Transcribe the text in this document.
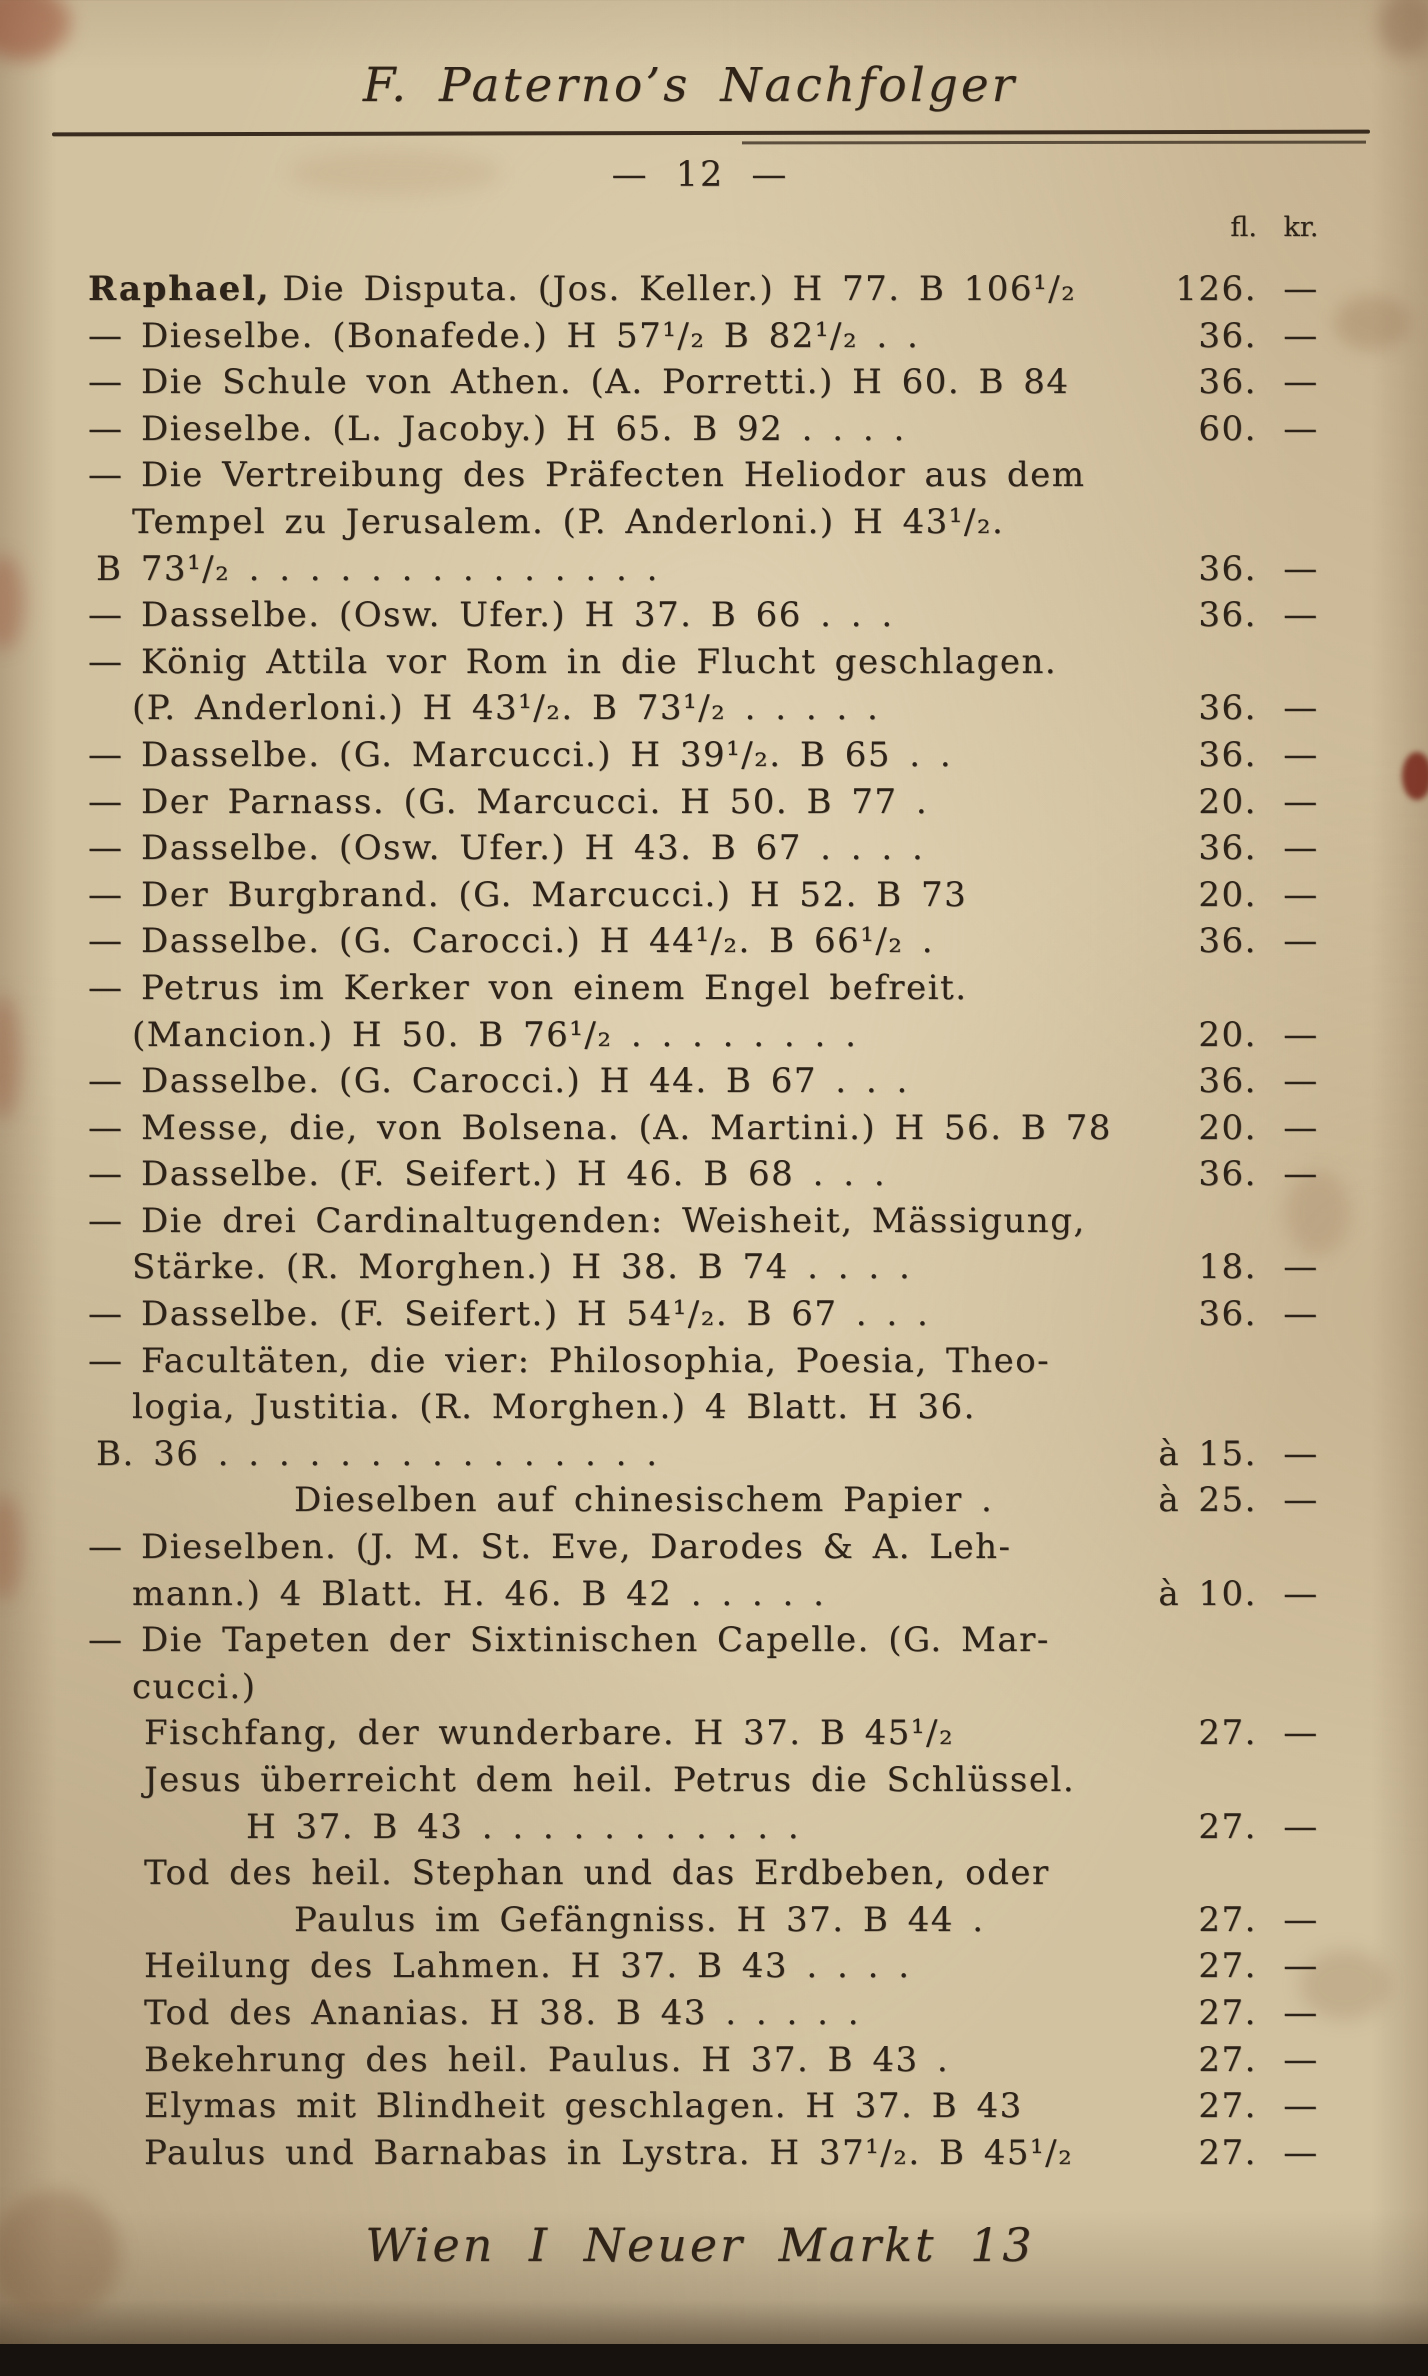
F. Paterno’s Nachfolger
— 12 —
fl. kr.
Raphael, Die Disputa. (Jos. Keller.) H 77. B 106¹/₂	126. —
— Dieselbe. (Bonafede.) H 57¹/₂ B 82¹/₂ . .	36. —
— Die Schule von Athen. (A. Porretti.) H 60. B 84	36. —
— Dieselbe. (L. Jacoby.) H 65. B 92 . . . .	60. —
— Die Vertreibung des Präfecten Heliodor aus dem
Tempel zu Jerusalem. (P. Anderloni.) H 43¹/₂.
B 73¹/₂ . . . . . . . . . . . . . .	36. —
— Dasselbe. (Osw. Ufer.) H 37. B 66 . . .	36. —
— König Attila vor Rom in die Flucht geschlagen.
(P. Anderloni.) H 43¹/₂. B 73¹/₂ . . . . .	36. —
— Dasselbe. (G. Marcucci.) H 39¹/₂. B 65 . .	36. —
— Der Parnass. (G. Marcucci. H 50. B 77 .	20. —
— Dasselbe. (Osw. Ufer.) H 43. B 67 . . . .	36. —
— Der Burgbrand. (G. Marcucci.) H 52. B 73	20. —
— Dasselbe. (G. Carocci.) H 44¹/₂. B 66¹/₂ .	36. —
— Petrus im Kerker von einem Engel befreit.
(Mancion.) H 50. B 76¹/₂ . . . . . . . .	20. —
— Dasselbe. (G. Carocci.) H 44. B 67 . . .	36. —
— Messe, die, von Bolsena. (A. Martini.) H 56. B 78	20. —
— Dasselbe. (F. Seifert.) H 46. B 68 . . .	36. —
— Die drei Cardinaltugenden: Weisheit, Mässigung,
Stärke. (R. Morghen.) H 38. B 74 . . . .	18. —
— Dasselbe. (F. Seifert.) H 54¹/₂. B 67 . . .	36. —
— Facultäten, die vier: Philosophia, Poesia, Theo-
logia, Justitia. (R. Morghen.) 4 Blatt. H 36.
B. 36 . . . . . . . . . . . . . . .	à 15. —
Dieselben auf chinesischem Papier .	à 25. —
— Dieselben. (J. M. St. Eve, Darodes & A. Leh-
mann.) 4 Blatt. H. 46. B 42 . . . . .	à 10. —
— Die Tapeten der Sixtinischen Capelle. (G. Mar-
cucci.)
Fischfang, der wunderbare. H 37. B 45¹/₂	27. —
Jesus überreicht dem heil. Petrus die Schlüssel.
H 37. B 43 . . . . . . . . . . .	27. —
Tod des heil. Stephan und das Erdbeben, oder
Paulus im Gefängniss. H 37. B 44 .	27. —
Heilung des Lahmen. H 37. B 43 . . . .	27. —
Tod des Ananias. H 38. B 43 . . . . .	27. —
Bekehrung des heil. Paulus. H 37. B 43 .	27. —
Elymas mit Blindheit geschlagen. H 37. B 43	27. —
Paulus und Barnabas in Lystra. H 37¹/₂. B 45¹/₂	27. —
Wien I Neuer Markt 13
